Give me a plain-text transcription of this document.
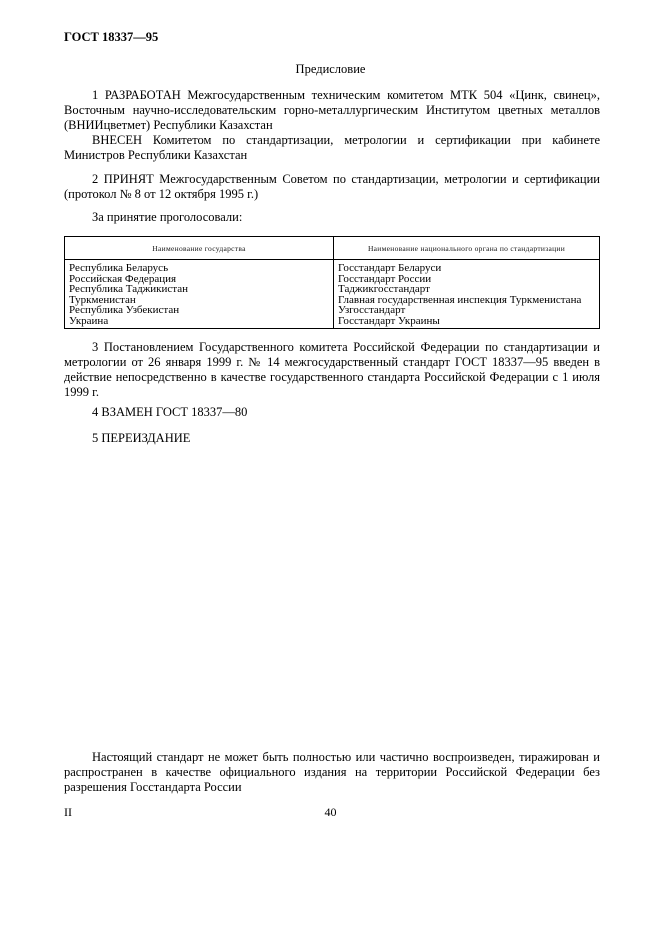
ГОСТ 18337—95
Предисловие
1 РАЗРАБОТАН Межгосударственным техническим комитетом МТК 504 «Цинк, свинец», Восточным научно-исследовательским горно-металлургическим Институтом цветных металлов (ВНИИцветмет) Республики Казахстан
ВНЕСЕН Комитетом по стандартизации, метрологии и сертификации при кабинете Министров Республики Казахстан
2 ПРИНЯТ Межгосударственным Советом по стандартизации, метрологии и сертификации (протокол № 8 от 12 октября 1995 г.)
За принятие проголосовали:
Наименование государства	Наименование национального органа по стандартизации
Республика Беларусь	Госстандарт Беларуси
Российская Федерация	Госстандарт России
Республика Таджикистан	Таджикгосстандарт
Туркменистан	Главная государственная инспекция Туркменистана
Республика Узбекистан	Узгосстандарт
Украина	Госстандарт Украины
3 Постановлением Государственного комитета Российской Федерации по стандартизации и метрологии от 26 января 1999 г. № 14 межгосударственный стандарт ГОСТ 18337—95 введен в действие непосредственно в качестве государственного стандарта Российской Федерации с 1 июля 1999 г.
4 ВЗАМЕН ГОСТ 18337—80
5 ПЕРЕИЗДАНИЕ
Настоящий стандарт не может быть полностью или частично воспроизведен, тиражирован и распространен в качестве официального издания на территории Российской Федерации без разрешения Госстандарта России
II	40
